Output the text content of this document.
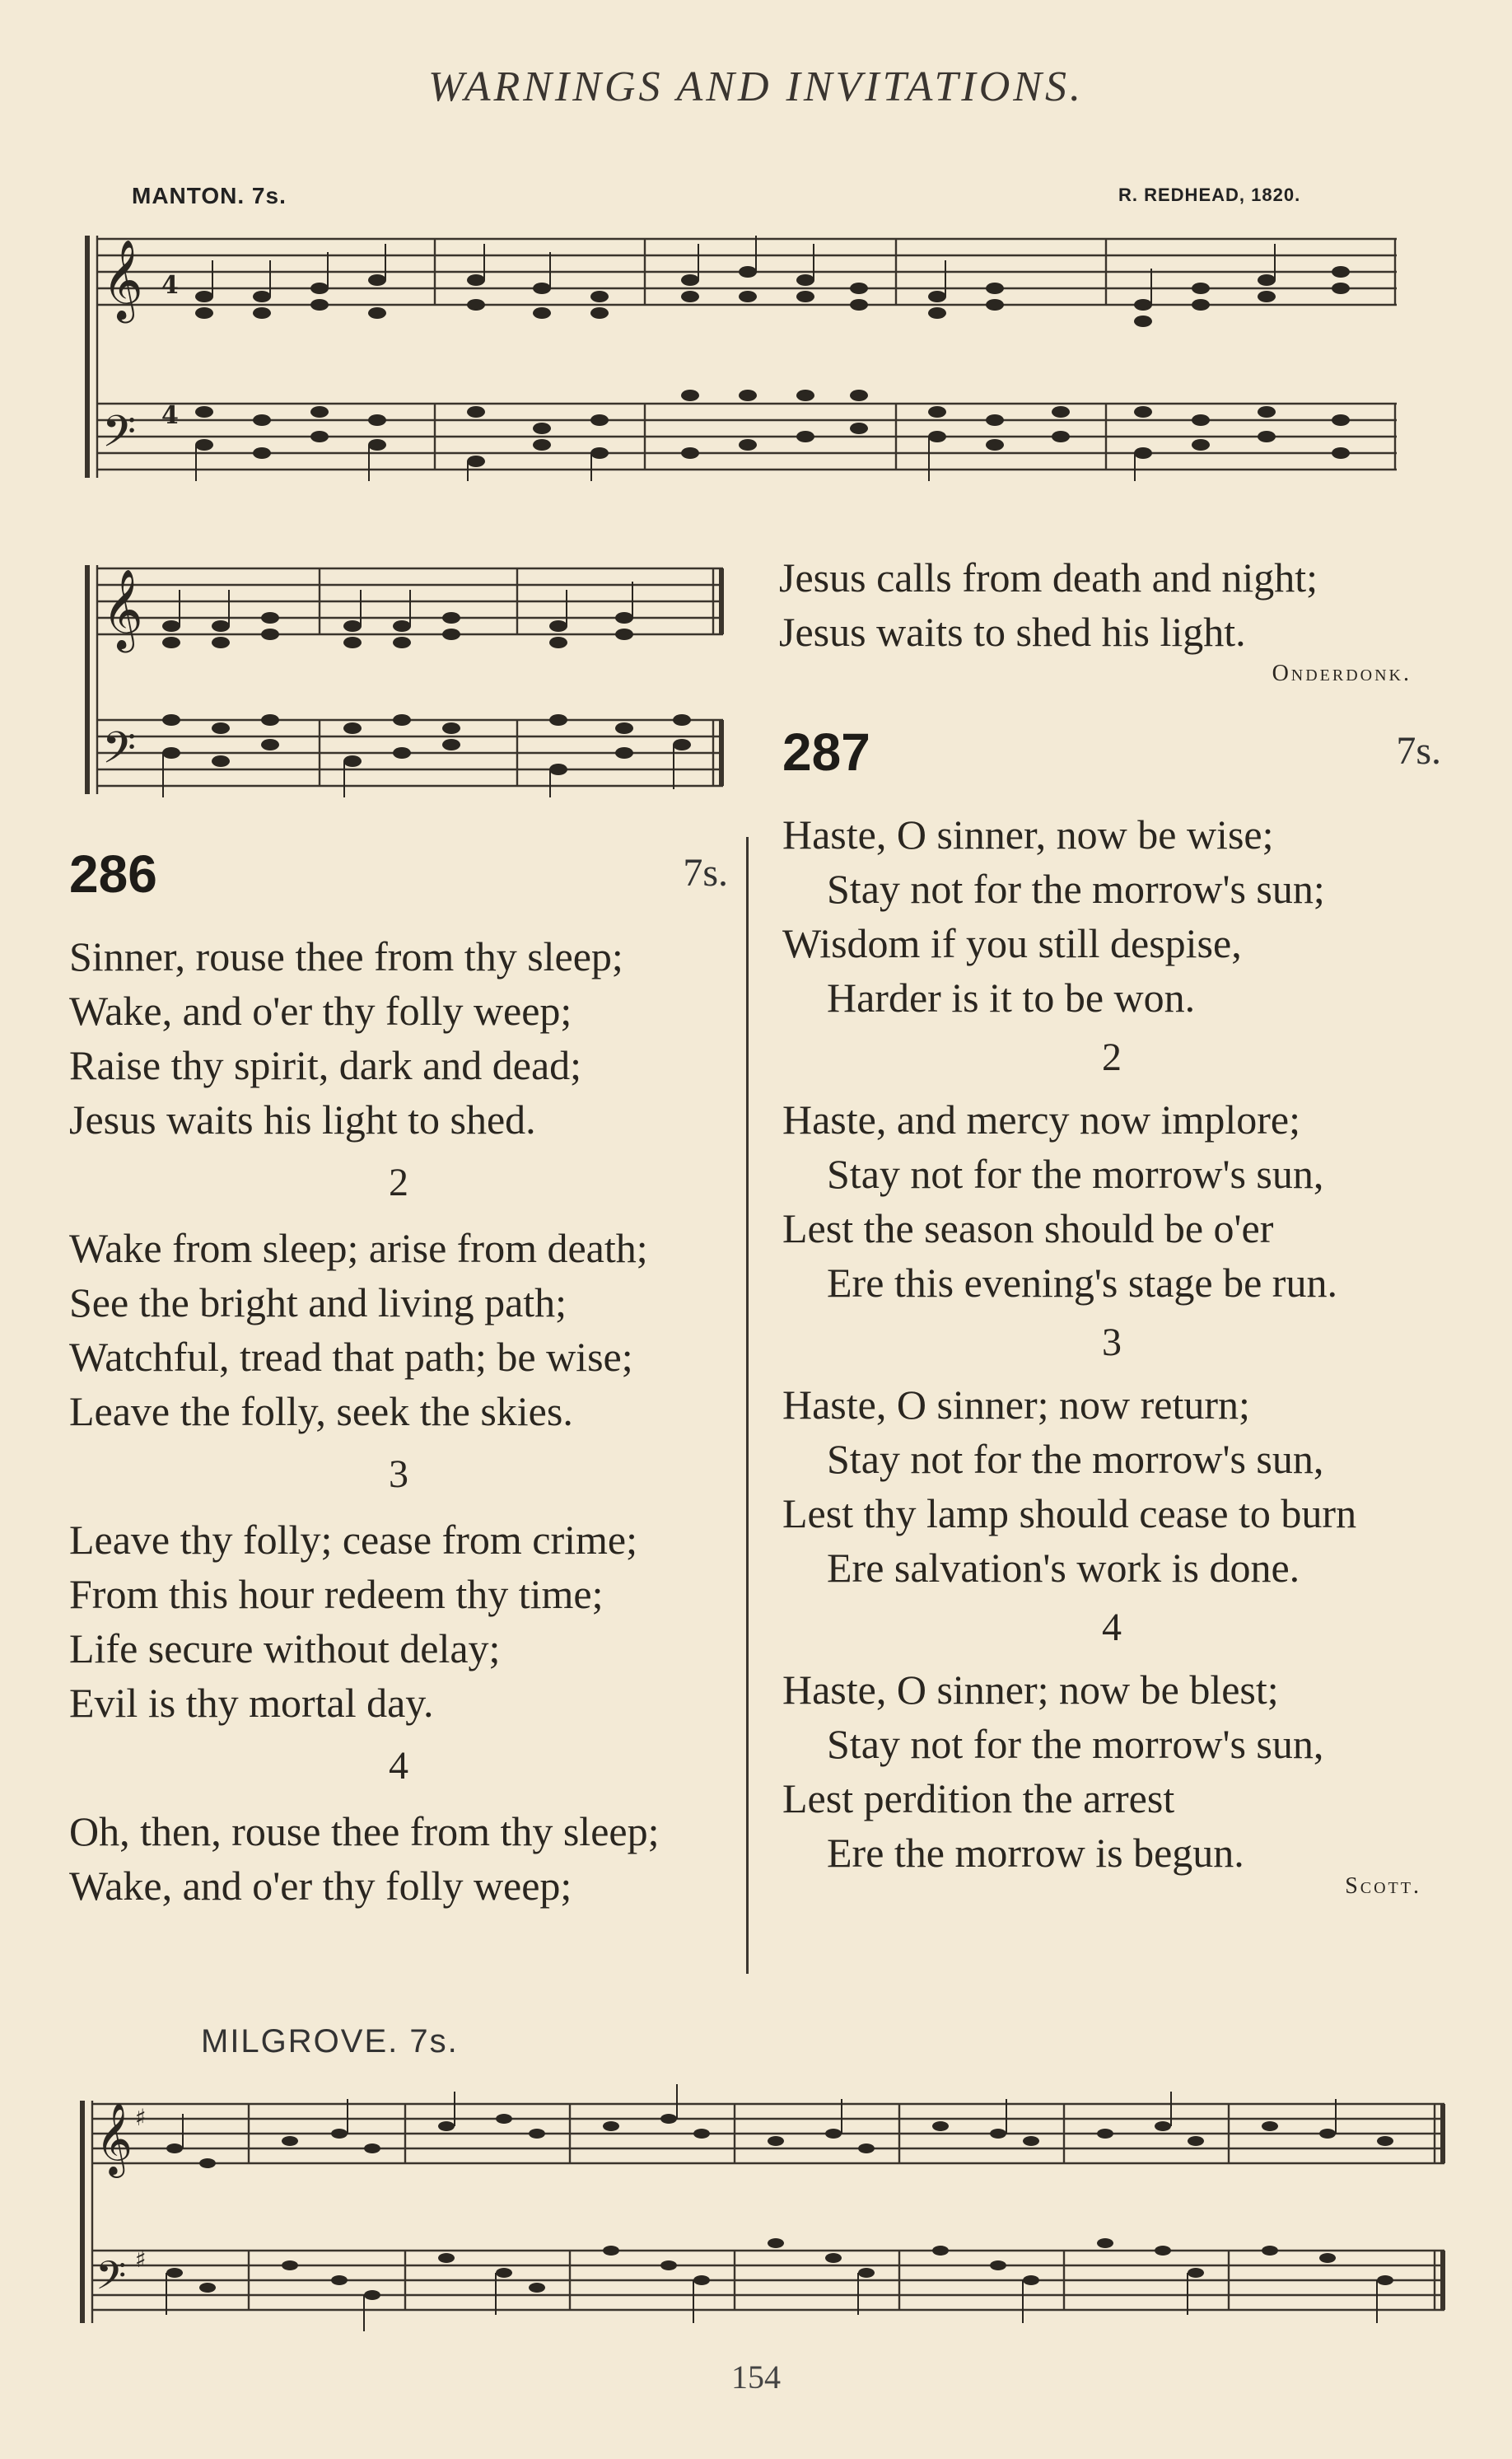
WARNINGS AND INVITATIONS.
MANTON. 7s.	R. REDHEAD, 1820.
𝄞
𝄢
4
4
𝄞
𝄢
286	7s.
Sinner, rouse thee from thy sleep;
Wake, and o'er thy folly weep;
Raise thy spirit, dark and dead;
Jesus waits his light to shed.
2
Wake from sleep; arise from death;
See the bright and living path;
Watchful, tread that path; be wise;
Leave the folly, seek the skies.
3
Leave thy folly; cease from crime;
From this hour redeem thy time;
Life secure without delay;
Evil is thy mortal day.
4
Oh, then, rouse thee from thy sleep;
Wake, and o'er thy folly weep;
Jesus calls from death and night;
Jesus waits to shed his light.
Onderdonk.
287	7s.
Haste, O sinner, now be wise;
Stay not for the morrow's sun;
Wisdom if you still despise,
Harder is it to be won.
2
Haste, and mercy now implore;
Stay not for the morrow's sun,
Lest the season should be o'er
Ere this evening's stage be run.
3
Haste, O sinner; now return;
Stay not for the morrow's sun,
Lest thy lamp should cease to burn
Ere salvation's work is done.
4
Haste, O sinner; now be blest;
Stay not for the morrow's sun,
Lest perdition the arrest
Ere the morrow is begun.
Scott.
MILGROVE. 7s.
𝄞
𝄢
♯
♯
154
